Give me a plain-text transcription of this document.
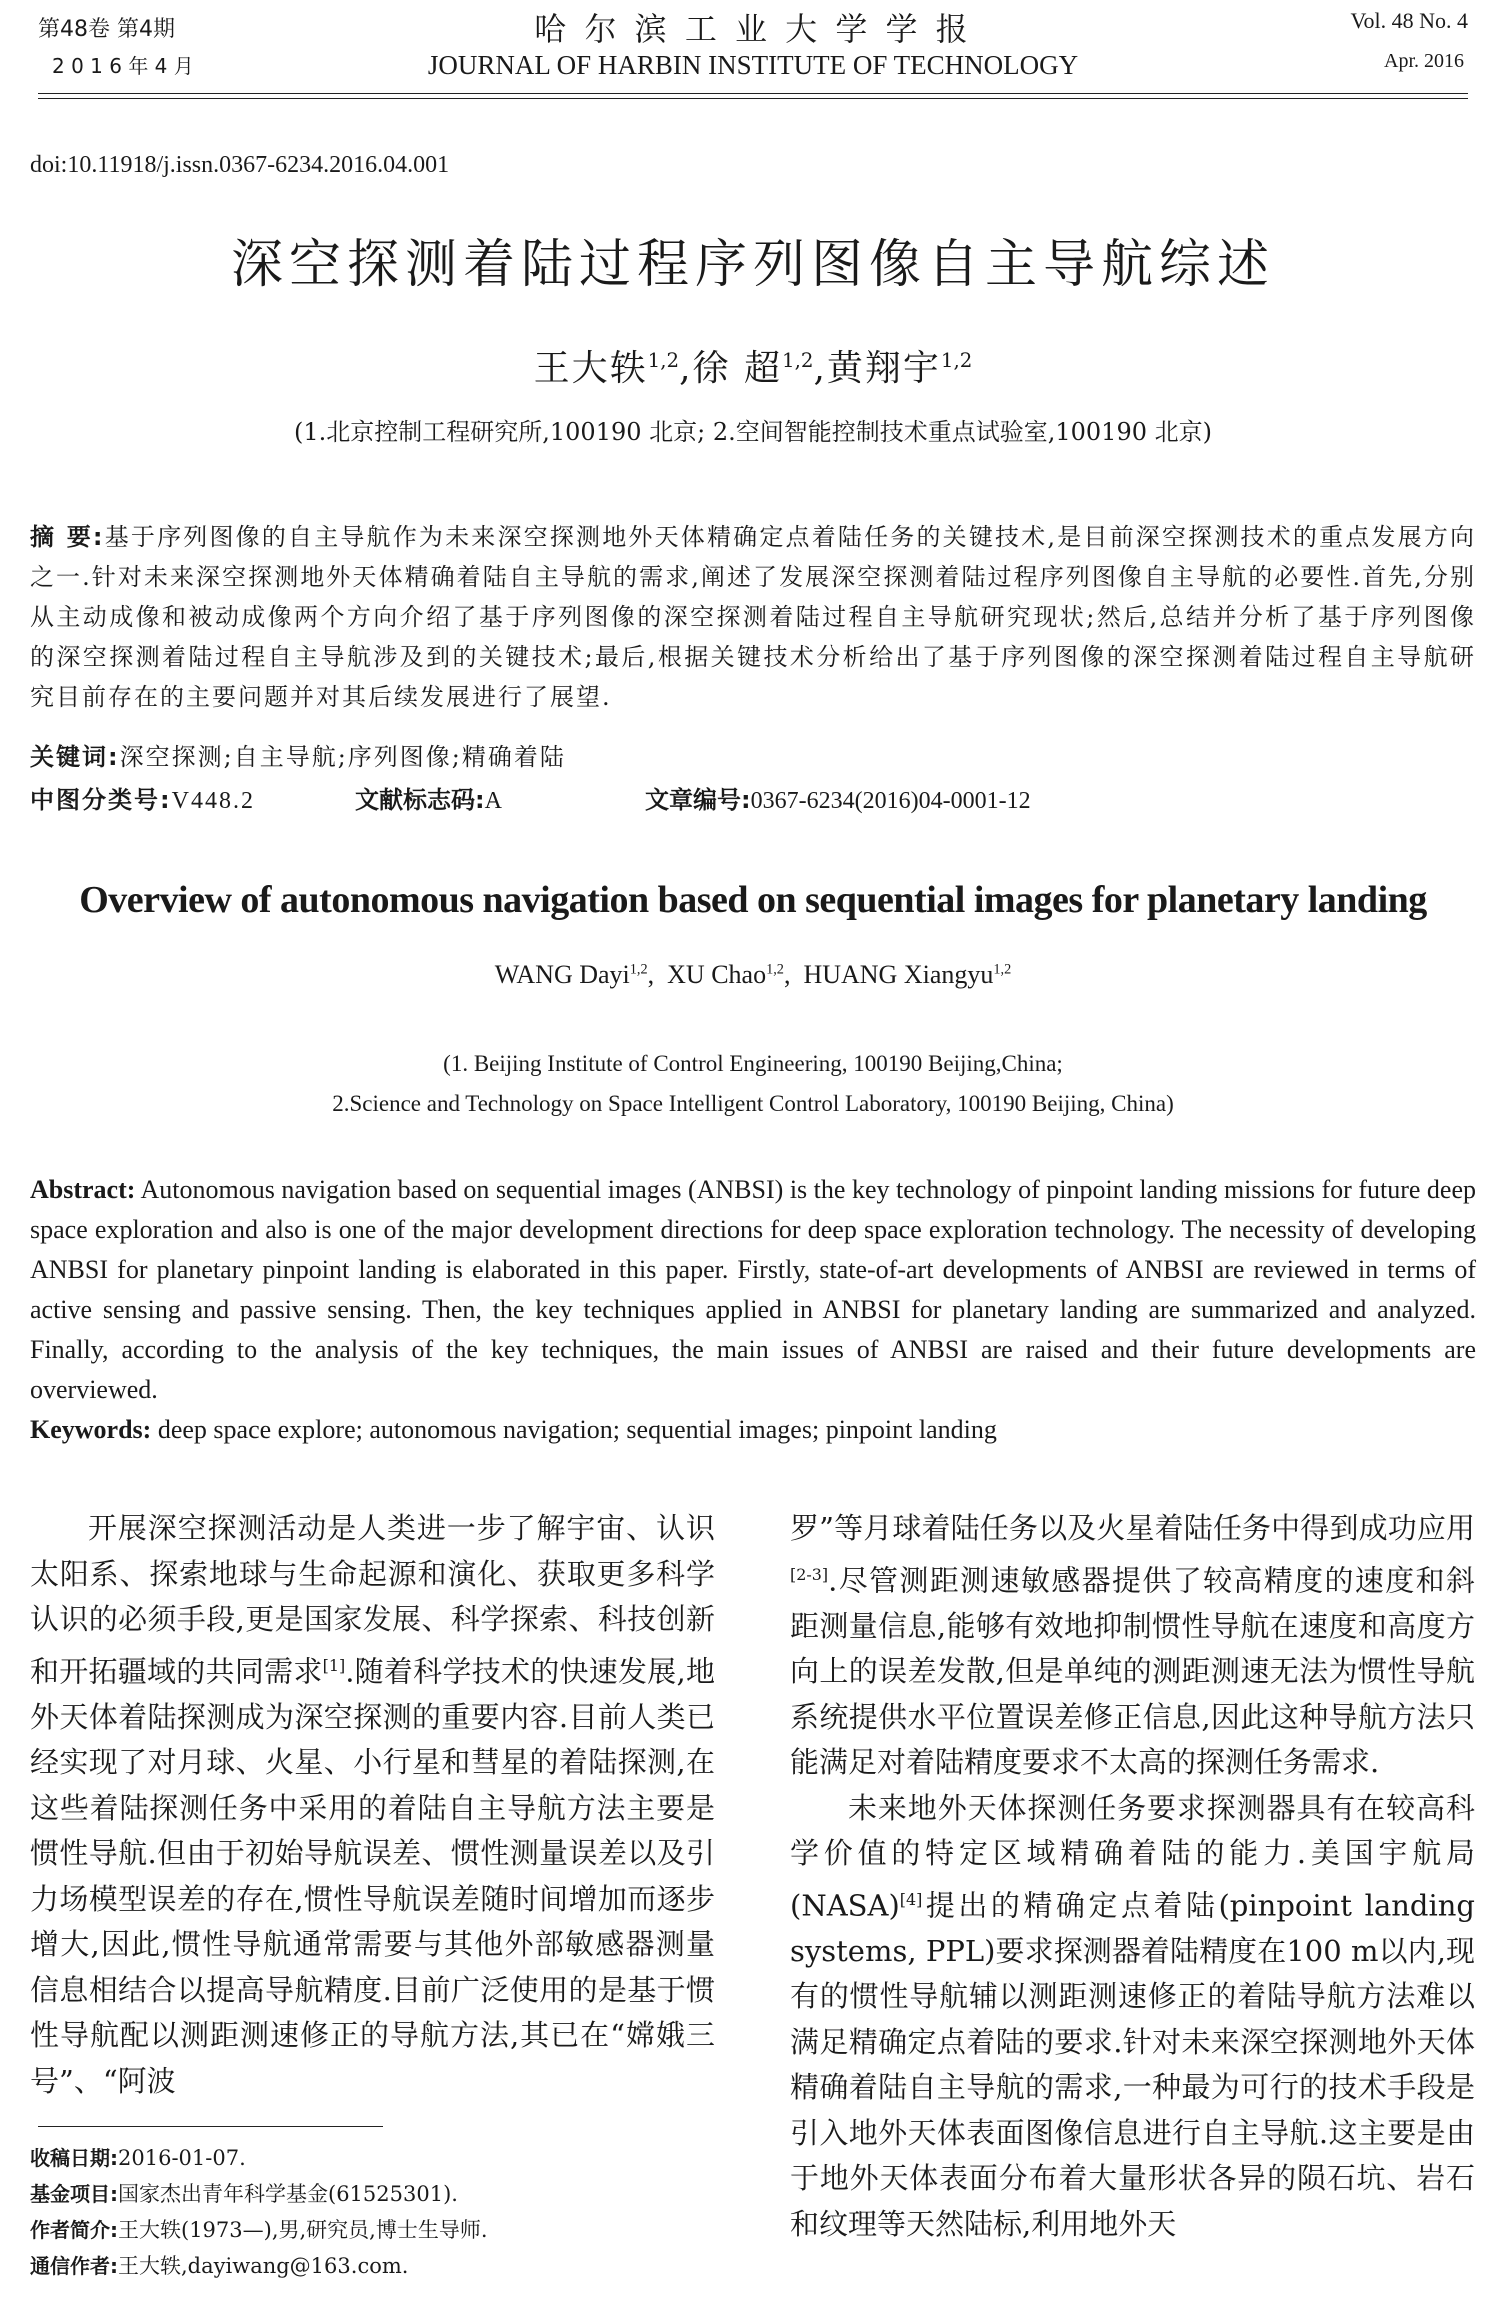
第48卷 第4期
2 0 1 6 年 4 月
哈 尔 滨 工 业 大 学 学 报
JOURNAL OF HARBIN INSTITUTE OF TECHNOLOGY
Vol. 48 No. 4
Apr. 2016
doi:10.11918/j.issn.0367-6234.2016.04.001
深空探测着陆过程序列图像自主导航综述
王大轶$^{1,2}$,徐 超$^{1,2}$,黄翔宇$^{1,2}$
(1.北京控制工程研究所,100190 北京; 2.空间智能控制技术重点试验室,100190 北京)
摘 要:基于序列图像的自主导航作为未来深空探测地外天体精确定点着陆任务的关键技术,是目前深空探测技术的重点发展方向之一.针对未来深空探测地外天体精确着陆自主导航的需求,阐述了发展深空探测着陆过程序列图像自主导航的必要性.首先,分别从主动成像和被动成像两个方向介绍了基于序列图像的深空探测着陆过程自主导航研究现状;然后,总结并分析了基于序列图像的深空探测着陆过程自主导航涉及到的关键技术;最后,根据关键技术分析给出了基于序列图像的深空探测着陆过程自主导航研究目前存在的主要问题并对其后续发展进行了展望.
关键词:深空探测;自主导航;序列图像;精确着陆
中图分类号:V448.2	文献标志码:A	文章编号:0367-6234(2016)04-0001-12
Overview of autonomous navigation based on sequential images for planetary landing
WANG Dayi$^{1,2}$,  XU Chao$^{1,2}$,  HUANG Xiangyu$^{1,2}$
(1. Beijing Institute of Control Engineering, 100190 Beijing,China;
2.Science and Technology on Space Intelligent Control Laboratory, 100190 Beijing, China)
Abstract: Autonomous navigation based on sequential images (ANBSI) is the key technology of pinpoint landing missions for future deep space exploration and also is one of the major development directions for deep space exploration technology. The necessity of developing ANBSI for planetary pinpoint landing is elaborated in this paper. Firstly, state-of-art developments of ANBSI are reviewed in terms of active sensing and passive sensing. Then, the key techniques applied in ANBSI for planetary landing are summarized and analyzed. Finally, according to the analysis of the key techniques, the main issues of ANBSI are raised and their future developments are overviewed.
Keywords: deep space explore; autonomous navigation; sequential images; pinpoint landing

开展深空探测活动是人类进一步了解宇宙、认识太阳系、探索地球与生命起源和演化、获取更多科学认识的必须手段,更是国家发展、科学探索、科技创新和开拓疆域的共同需求[1].随着科学技术的快速发展,地外天体着陆探测成为深空探测的重要内容.目前人类已经实现了对月球、火星、小行星和彗星的着陆探测,在这些着陆探测任务中采用的着陆自主导航方法主要是惯性导航.但由于初始导航误差、惯性测量误差以及引力场模型误差的存在,惯性导航误差随时间增加而逐步增大,因此,惯性导航通常需要与其他外部敏感器测量信息相结合以提高导航精度.目前广泛使用的是基于惯性导航配以测距测速修正的导航方法,其已在“嫦娥三号”、“阿波

罗”等月球着陆任务以及火星着陆任务中得到成功应用[2-3].尽管测距测速敏感器提供了较高精度的速度和斜距测量信息,能够有效地抑制惯性导航在速度和高度方向上的误差发散,但是单纯的测距测速无法为惯性导航系统提供水平位置误差修正信息,因此这种导航方法只能满足对着陆精度要求不太高的探测任务需求.

未来地外天体探测任务要求探测器具有在较高科学价值的特定区域精确着陆的能力.美国宇航局(NASA)[4]提出的精确定点着陆(pinpoint landing systems, PPL)要求探测器着陆精度在100 m以内,现有的惯性导航辅以测距测速修正的着陆导航方法难以满足精确定点着陆的要求.针对未来深空探测地外天体精确着陆自主导航的需求,一种最为可行的技术手段是引入地外天体表面图像信息进行自主导航.这主要是由于地外天体表面分布着大量形状各异的陨石坑、岩石和纹理等天然陆标,利用地外天

收稿日期:2016-01-07.
基金项目:国家杰出青年科学基金(61525301).
作者简介:王大轶(1973—),男,研究员,博士生导师.
通信作者:王大轶,dayiwang@163.com.
